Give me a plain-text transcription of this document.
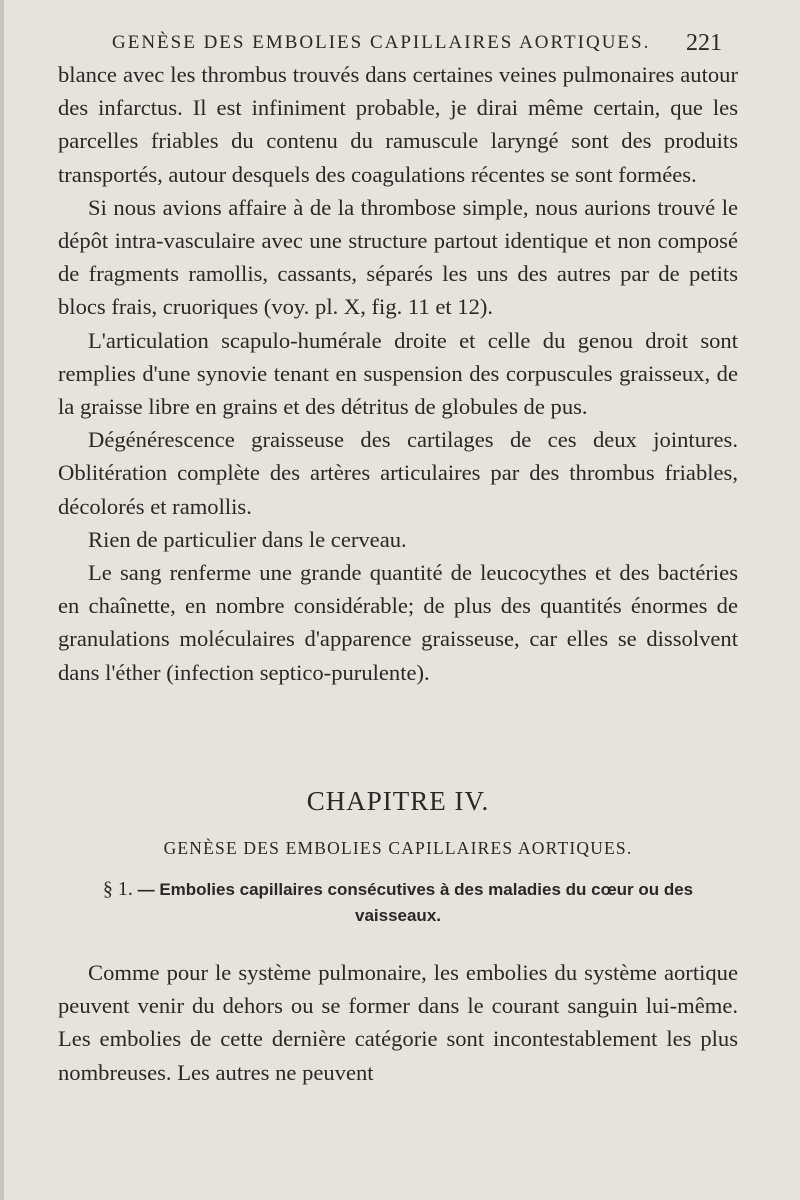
GENÈSE DES EMBOLIES CAPILLAIRES AORTIQUES. 221

blance avec les thrombus trouvés dans certaines veines pulmonaires autour des infarctus. Il est infiniment probable, je dirai même certain, que les parcelles friables du contenu du ramuscule laryngé sont des produits transportés, autour desquels des coagulations récentes se sont formées.

Si nous avions affaire à de la thrombose simple, nous aurions trouvé le dépôt intra-vasculaire avec une structure partout identique et non composé de fragments ramollis, cassants, séparés les uns des autres par de petits blocs frais, cruoriques (voy. pl. X, fig. 11 et 12).

L'articulation scapulo-humérale droite et celle du genou droit sont remplies d'une synovie tenant en suspension des corpuscules graisseux, de la graisse libre en grains et des détritus de globules de pus.

Dégénérescence graisseuse des cartilages de ces deux jointures. Oblitération complète des artères articulaires par des thrombus friables, décolorés et ramollis.

Rien de particulier dans le cerveau.

Le sang renferme une grande quantité de leucocythes et des bactéries en chaînette, en nombre considérable; de plus des quantités énormes de granulations moléculaires d'apparence graisseuse, car elles se dissolvent dans l'éther (infection septico-purulente).

CHAPITRE IV.

GENÈSE DES EMBOLIES CAPILLAIRES AORTIQUES.

§ 1. — Embolies capillaires consécutives à des maladies du cœur ou des vaisseaux.

Comme pour le système pulmonaire, les embolies du système aortique peuvent venir du dehors ou se former dans le courant sanguin lui-même. Les embolies de cette dernière catégorie sont incontestablement les plus nombreuses. Les autres ne peuvent
